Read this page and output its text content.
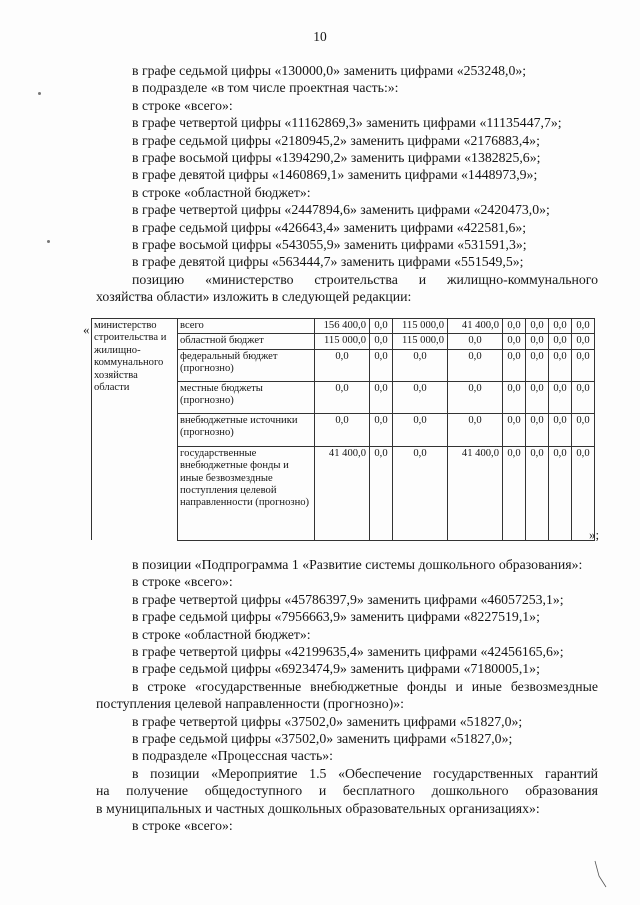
10

в графе седьмой цифры «130000,0» заменить цифрами «253248,0»;

в подразделе «в том числе проектная часть:»:

в строке «всего»:

в графе четвертой цифры «11162869,3» заменить цифрами «11135447,7»;

в графе седьмой цифры «2180945,2» заменить цифрами «2176883,4»;

в графе восьмой цифры «1394290,2» заменить цифрами «1382825,6»;

в графе девятой цифры «1460869,1» заменить цифрами «1448973,9»;

в строке «областной бюджет»:

в графе четвертой цифры «2447894,6» заменить цифрами «2420473,0»;

в графе седьмой цифры «426643,4» заменить цифрами «422581,6»;

в графе восьмой цифры «543055,9» заменить цифрами «531591,3»;

в графе девятой цифры «563444,7» заменить цифрами «551549,5»;

позицию «министерство строительства и жилищно-коммунального

хозяйства области» изложить в следующей редакции:

« министерство строительства и жилищно-коммунального хозяйства области	всего	156 400,0	0,0	115 000,0	41 400,0	0,0	0,0	0,0	0,0
	областной бюджет	115 000,0	0,0	115 000,0	0,0	0,0	0,0	0,0	0,0
	федеральный бюджет (прогнозно)	0,0	0,0	0,0	0,0	0,0	0,0	0,0	0,0
	местные бюджеты (прогнозно)	0,0	0,0	0,0	0,0	0,0	0,0	0,0	0,0
	внебюджетные источники (прогнозно)	0,0	0,0	0,0	0,0	0,0	0,0	0,0	0,0
	государственные внебюджетные фонды и иные безвозмездные поступления целевой направленности (прогнозно)	41 400,0	0,0	0,0	41 400,0	0,0	0,0	0,0	0,0
»;

в позиции «Подпрограмма 1 «Развитие системы дошкольного образования»:

в строке «всего»:

в графе четвертой цифры «45786397,9» заменить цифрами «46057253,1»;

в графе седьмой цифры «7956663,9» заменить цифрами «8227519,1»;

в строке «областной бюджет»:

в графе четвертой цифры «42199635,4» заменить цифрами «42456165,6»;

в графе седьмой цифры «6923474,9» заменить цифрами «7180005,1»;

в строке «государственные внебюджетные фонды и иные безвозмездные

поступления целевой направленности (прогнозно)»:

в графе четвертой цифры «37502,0» заменить цифрами «51827,0»;

в графе седьмой цифры «37502,0» заменить цифрами «51827,0»;

в подразделе «Процессная часть»:

в позиции «Мероприятие 1.5 «Обеспечение государственных гарантий

на получение общедоступного и бесплатного дошкольного образования

в муниципальных и частных дошкольных образовательных организациях»:

в строке «всего»:
